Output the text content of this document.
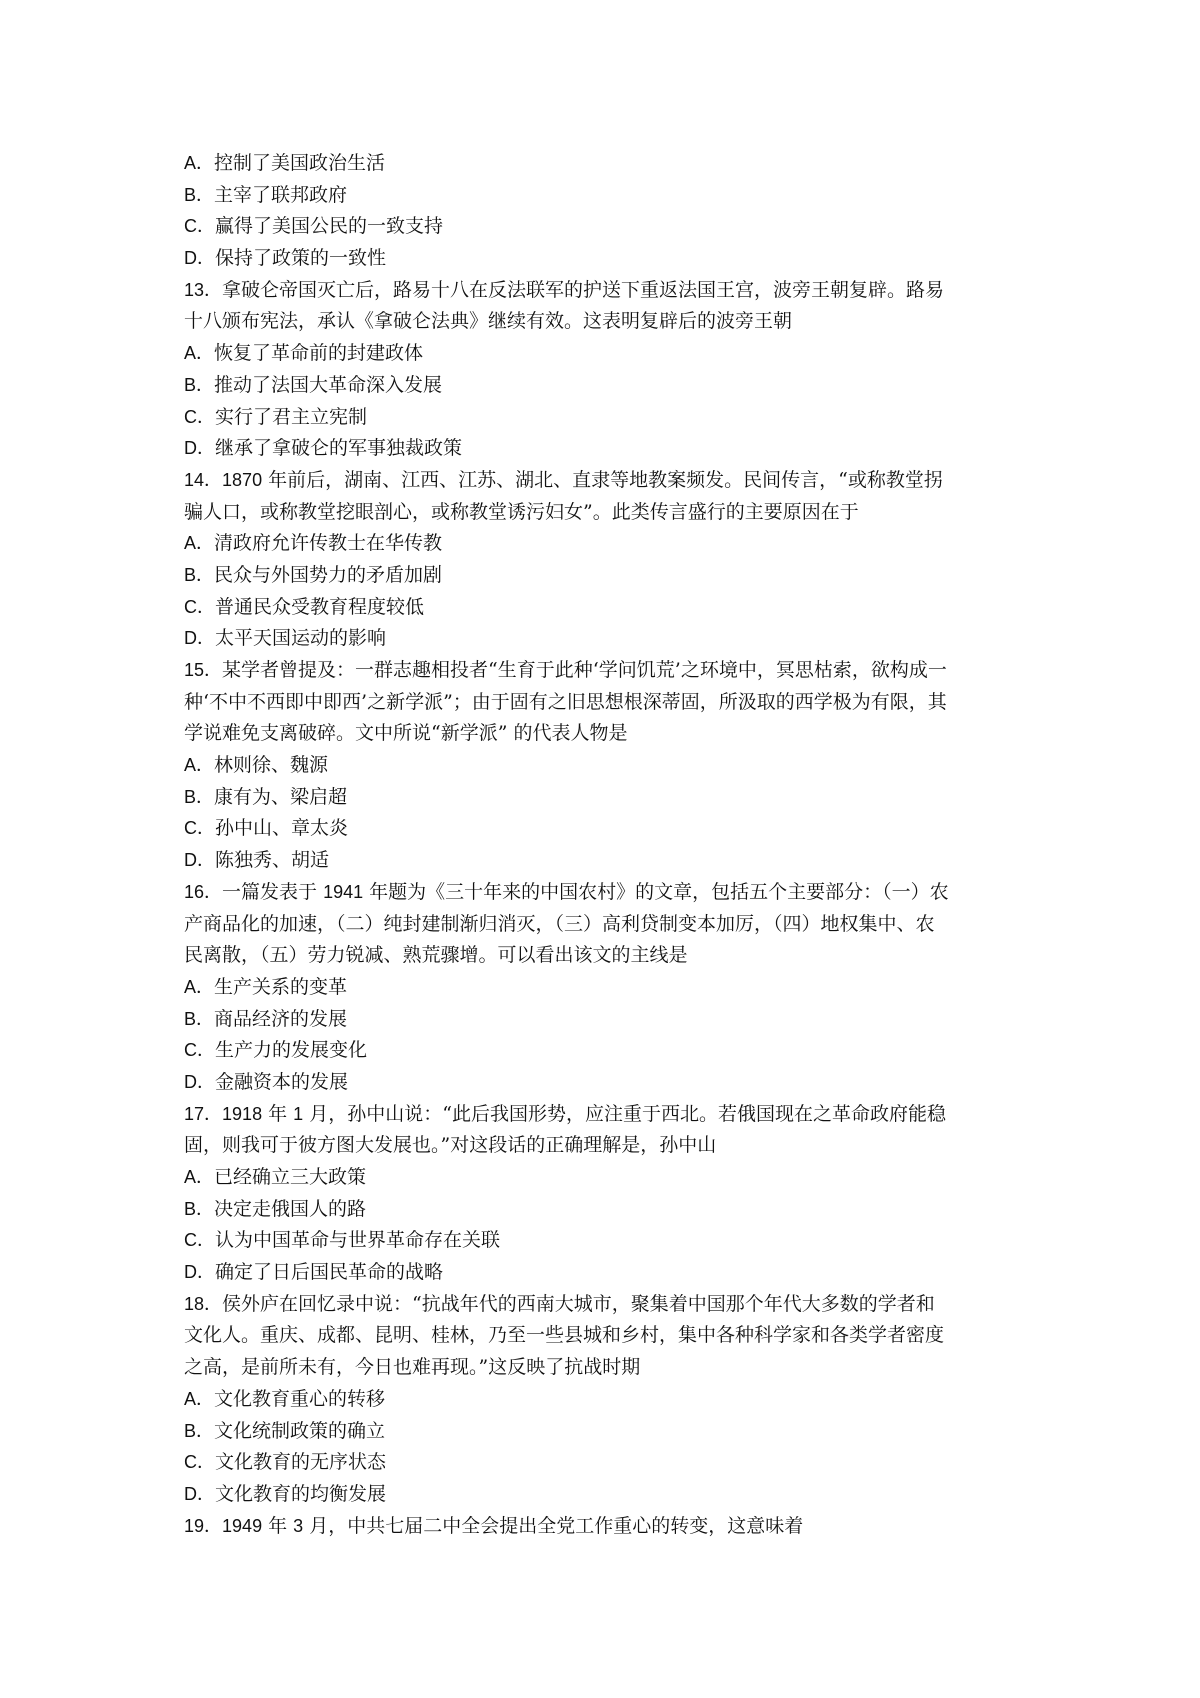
A．控制了美国政治生活
B．主宰了联邦政府
C．赢得了美国公民的一致支持
D．保持了政策的一致性
13．拿破仑帝国灭亡后，路易十八在反法联军的护送下重返法国王宫，波旁王朝复辟。路易
十八颁布宪法，承认《拿破仑法典》继续有效。这表明复辟后的波旁王朝
A．恢复了革命前的封建政体
B．推动了法国大革命深入发展
C．实行了君主立宪制
D．继承了拿破仑的军事独裁政策
14．1870 年前后，湖南、江西、江苏、湖北、直隶等地教案频发。民间传言，“或称教堂拐
骗人口，或称教堂挖眼剖心，或称教堂诱污妇女”。此类传言盛行的主要原因在于
A．清政府允许传教士在华传教
B．民众与外国势力的矛盾加剧
C．普通民众受教育程度较低
D．太平天国运动的影响
15．某学者曾提及：一群志趣相投者“生育于此种‘学问饥荒’之环境中，冥思枯索，欲构成一
种‘不中不西即中即西’之新学派”；由于固有之旧思想根深蒂固，所汲取的西学极为有限，其
学说难免支离破碎。文中所说“新学派” 的代表人物是
A．林则徐、魏源
B．康有为、梁启超
C．孙中山、章太炎
D．陈独秀、胡适
16．一篇发表于 1941 年题为《三十年来的中国农村》的文章，包括五个主要部分：（一）农
产商品化的加速，（二）纯封建制渐归消灭，（三）高利贷制变本加厉，（四）地权集中、农
民离散，（五）劳力锐减、熟荒骤增。可以看出该文的主线是
A．生产关系的变革
B．商品经济的发展
C．生产力的发展变化
D．金融资本的发展
17．1918 年 1 月，孙中山说：“此后我国形势，应注重于西北。若俄国现在之革命政府能稳
固，则我可于彼方图大发展也。”对这段话的正确理解是，孙中山
A．已经确立三大政策
B．决定走俄国人的路
C．认为中国革命与世界革命存在关联
D．确定了日后国民革命的战略
18．侯外庐在回忆录中说：“抗战年代的西南大城市，聚集着中国那个年代大多数的学者和
文化人。重庆、成都、昆明、桂林，乃至一些县城和乡村，集中各种科学家和各类学者密度
之高，是前所未有，今日也难再现。”这反映了抗战时期
A．文化教育重心的转移
B．文化统制政策的确立
C．文化教育的无序状态
D．文化教育的均衡发展
19．1949 年 3 月，中共七届二中全会提出全党工作重心的转变，这意味着
